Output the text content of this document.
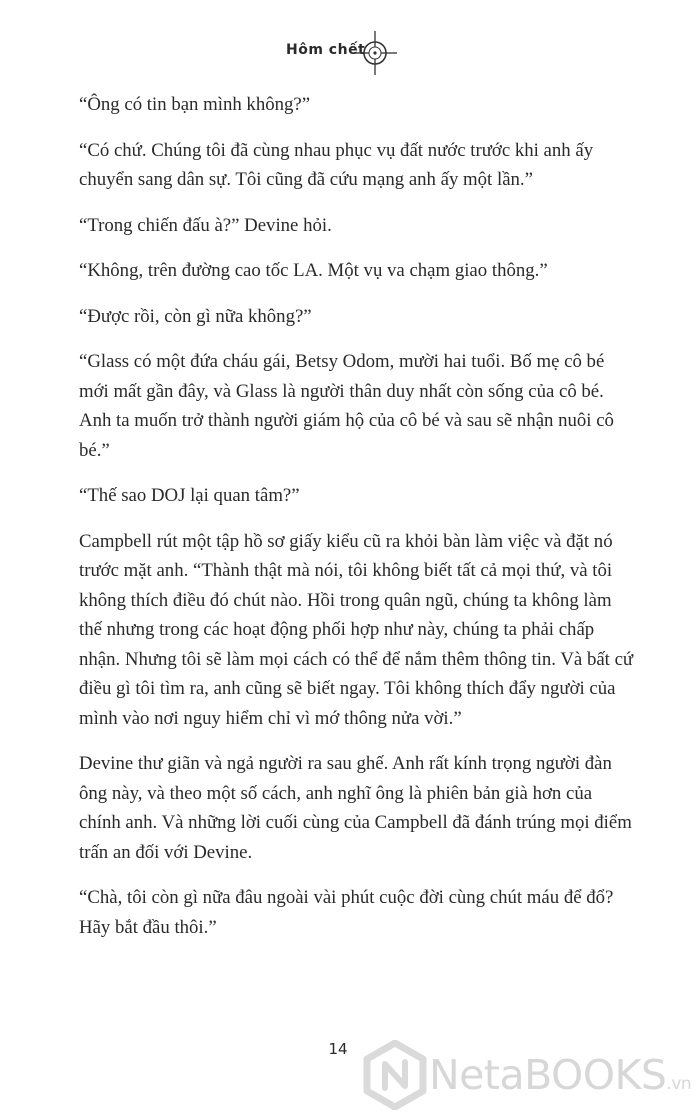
Hôm chết

“Ông có tin bạn mình không?”

“Có chứ. Chúng tôi đã cùng nhau phục vụ đất nước trước khi anh ấy chuyển sang dân sự. Tôi cũng đã cứu mạng anh ấy một lần.”

“Trong chiến đấu à?” Devine hỏi.

“Không, trên đường cao tốc LA. Một vụ va chạm giao thông.”

“Được rồi, còn gì nữa không?”

“Glass có một đứa cháu gái, Betsy Odom, mười hai tuổi. Bố mẹ cô bé mới mất gần đây, và Glass là người thân duy nhất còn sống của cô bé. Anh ta muốn trở thành người giám hộ của cô bé và sau sẽ nhận nuôi cô bé.”

“Thế sao DOJ lại quan tâm?”

Campbell rút một tập hồ sơ giấy kiểu cũ ra khỏi bàn làm việc và đặt nó trước mặt anh. “Thành thật mà nói, tôi không biết tất cả mọi thứ, và tôi không thích điều đó chút nào. Hồi trong quân ngũ, chúng ta không làm thế nhưng trong các hoạt động phối hợp như này, chúng ta phải chấp nhận. Nhưng tôi sẽ làm mọi cách có thể để nắm thêm thông tin. Và bất cứ điều gì tôi tìm ra, anh cũng sẽ biết ngay. Tôi không thích đẩy người của mình vào nơi nguy hiểm chỉ vì mớ thông nửa vời.”

Devine thư giãn và ngả người ra sau ghế. Anh rất kính trọng người đàn ông này, và theo một số cách, anh nghĩ ông là phiên bản già hơn của chính anh. Và những lời cuối cùng của Campbell đã đánh trúng mọi điểm trấn an đối với Devine.

“Chà, tôi còn gì nữa đâu ngoài vài phút cuộc đời cùng chút máu để đổ? Hãy bắt đầu thôi.”

14
NetaBOOKS.vn
